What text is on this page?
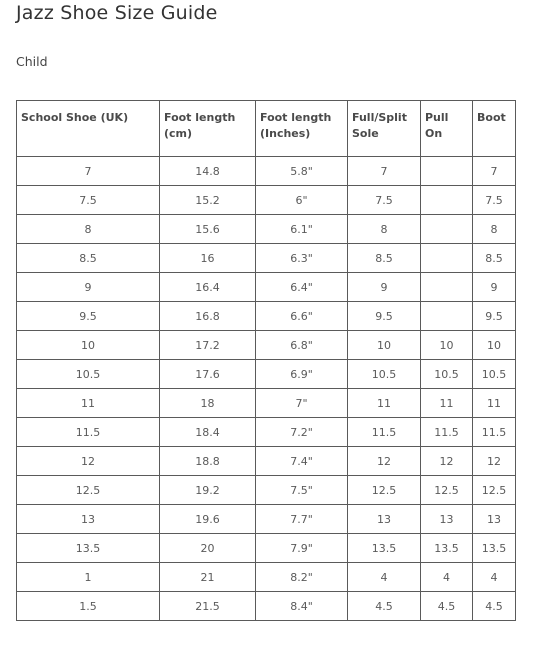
Jazz Shoe Size Guide

Child

School Shoe (UK)	Foot length (cm)	Foot length (Inches)	Full/Split Sole	Pull On	Boot
7	14.8	5.8"	7		7
7.5	15.2	6"	7.5		7.5
8	15.6	6.1"	8		8
8.5	16	6.3"	8.5		8.5
9	16.4	6.4"	9		9
9.5	16.8	6.6"	9.5		9.5
10	17.2	6.8"	10	10	10
10.5	17.6	6.9"	10.5	10.5	10.5
11	18	7"	11	11	11
11.5	18.4	7.2"	11.5	11.5	11.5
12	18.8	7.4"	12	12	12
12.5	19.2	7.5"	12.5	12.5	12.5
13	19.6	7.7"	13	13	13
13.5	20	7.9"	13.5	13.5	13.5
1	21	8.2"	4	4	4
1.5	21.5	8.4"	4.5	4.5	4.5
